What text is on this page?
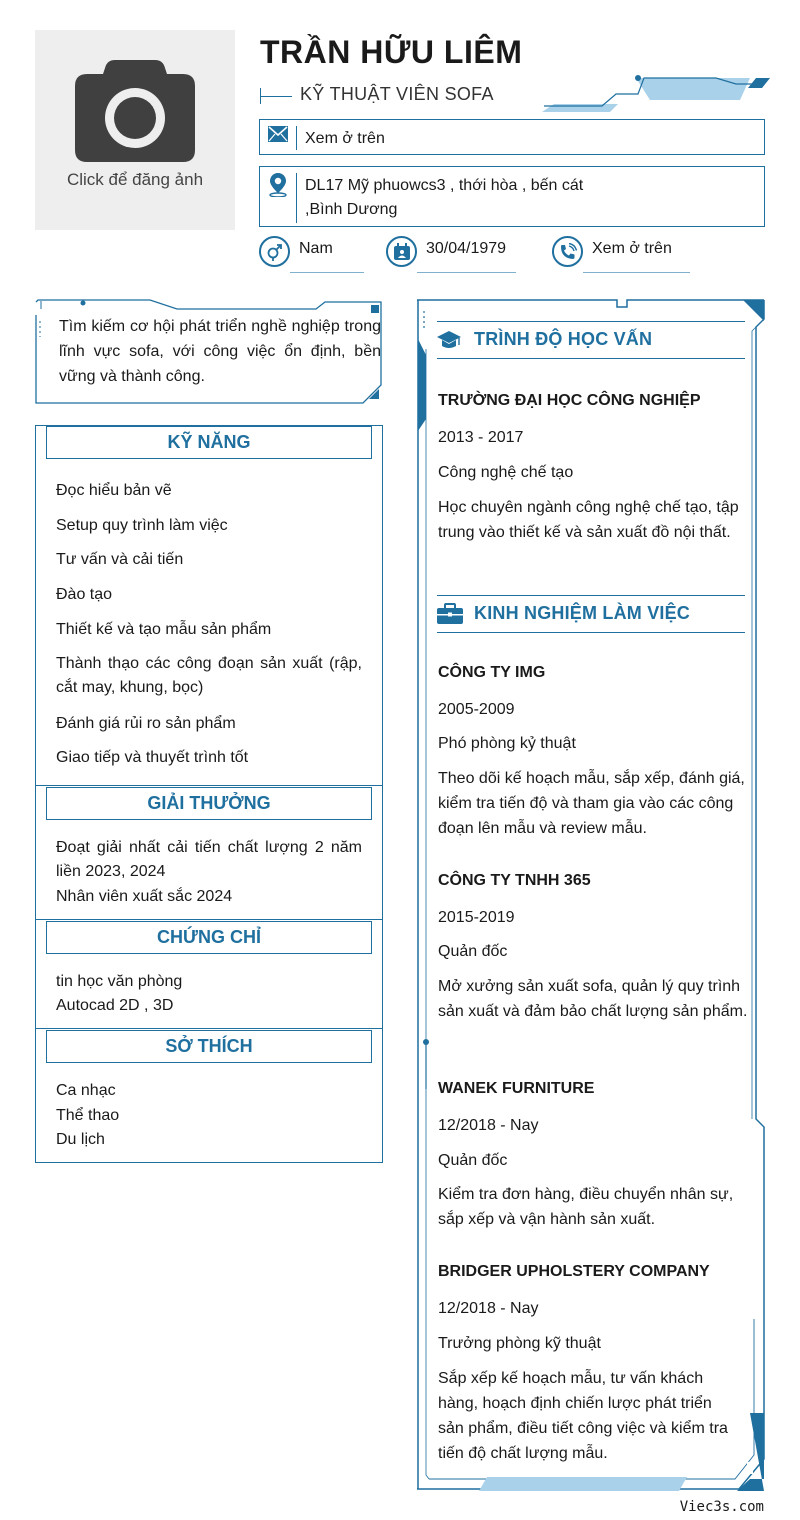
Click để đăng ảnh
TRẦN HỮU LIÊM
KỸ THUẬT VIÊN SOFA
Xem ở trên
DL17 Mỹ phuowcs3 , thới hòa , bến cát
,Bình Dương
Nam	30/04/1979	Xem ở trên
Tìm kiếm cơ hội phát triển nghề nghiệp trong lĩnh vực sofa, với công việc ổn định, bền vững và thành công.
KỸ NĂNG
Đọc hiểu bản vẽ
Setup quy trình làm việc
Tư vấn và cải tiến
Đào tạo
Thiết kế và tạo mẫu sản phẩm
Thành thạo các công đoạn sản xuất (rập, cắt may, khung, bọc)
Đánh giá rủi ro sản phẩm
Giao tiếp và thuyết trình tốt
GIẢI THƯỞNG
Đoạt giải nhất cải tiến chất lượng 2 năm liền 2023, 2024
Nhân viên xuất sắc 2024
CHỨNG CHỈ
tin học văn phòng
Autocad 2D , 3D
SỞ THÍCH
Ca nhạc
Thể thao
Du lịch
TRÌNH ĐỘ HỌC VẤN
TRƯỜNG ĐẠI HỌC CÔNG NGHIỆP
2013 - 2017
Công nghệ chế tạo
Học chuyên ngành công nghệ chế tạo, tập trung vào thiết kế và sản xuất đồ nội thất.
KINH NGHIỆM LÀM VIỆC
CÔNG TY IMG
2005-2009
Phó phòng kỷ thuật
Theo dõi kế hoạch mẫu, sắp xếp, đánh giá, kiểm tra tiến độ và tham gia vào các công đoạn lên mẫu và review mẫu.
CÔNG TY TNHH 365
2015-2019
Quản đốc
Mở xưởng sản xuất sofa, quản lý quy trình sản xuất và đảm bảo chất lượng sản phẩm.
WANEK FURNITURE
12/2018 - Nay
Quản đốc
Kiểm tra đơn hàng, điều chuyển nhân sự, sắp xếp và vận hành sản xuất.
BRIDGER UPHOLSTERY COMPANY
12/2018 - Nay
Trưởng phòng kỹ thuật
Sắp xếp kế hoạch mẫu, tư vấn khách hàng, hoạch định chiến lược phát triển sản phẩm, điều tiết công việc và kiểm tra tiến độ chất lượng mẫu.
Viec3s.com
